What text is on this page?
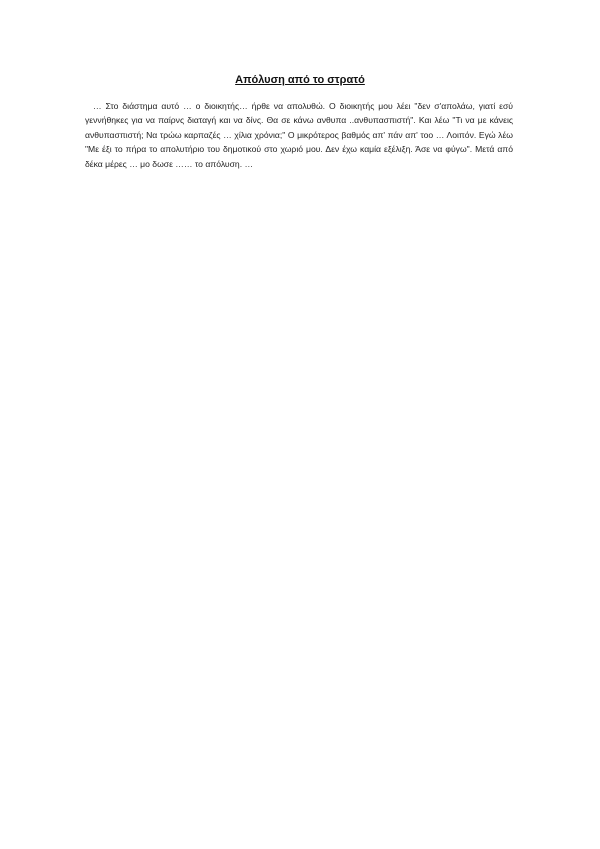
Απόλυση από το στρατό

… Στο διάστημα αυτό … ο διοικητής… ήρθε να απολυθώ. Ο διοικητής μου λέει "δεν σ'απολάω, γιατί εσύ γεννήθηκες για να παίρνς διαταγή και να δίνς. Θα σε κάνω ανθυπα ..ανθυπασπιστή". Και λέω "Τι να με κάνεις ανθυπασπιστή; Να τρώω καρπαζές … χίλια χρόνια;" Ο μικρότερος βαθμός απ' πάν απ' τοο … Λοιπόν. Εγώ λέω "Με έξι το πήρα το απολυτήριο του δημοτικού στο χωριό μου. Δεν έχω καμία εξέλιξη. Άσε να φύγω". Μετά από δέκα μέρες … μο δωσε …… το απόλυση. …
